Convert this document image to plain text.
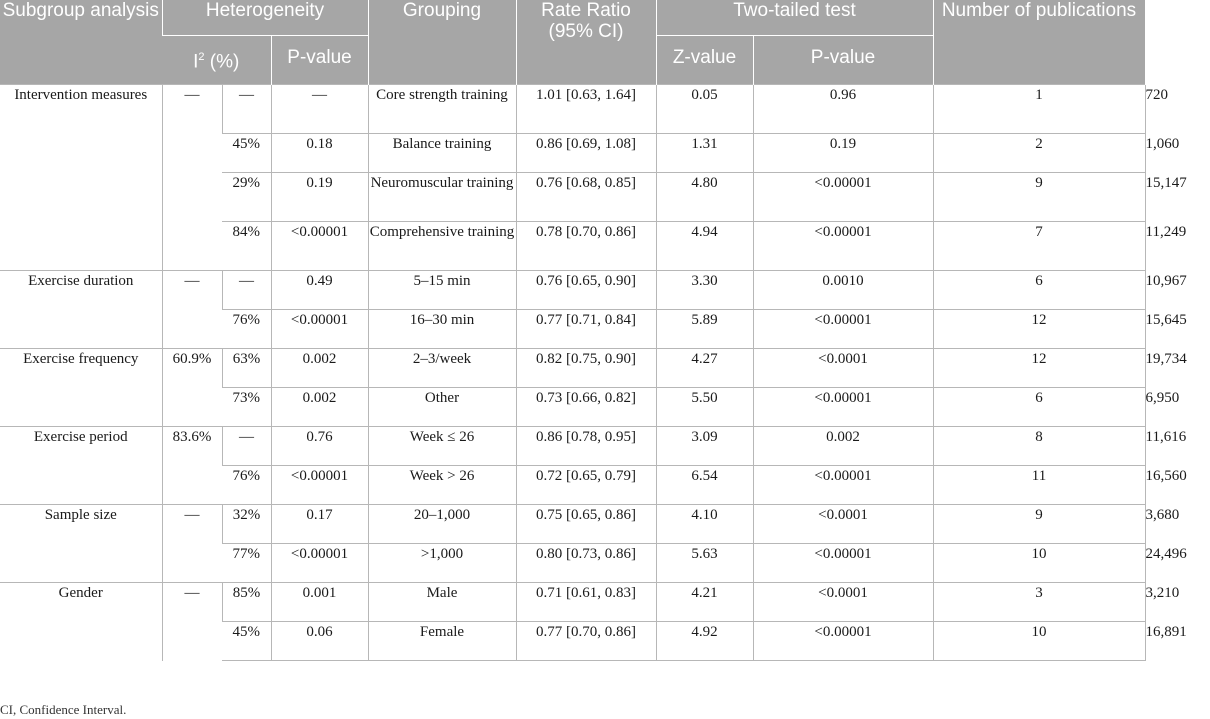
Subgroup analysis	Heterogeneity			Grouping	Rate Ratio (95% CI)	Two-tailed test		Number of publications	Sample size
	$I^2$ (%)		P-value			Z-value	P-value		
Intervention measures	—	—	—	Core strength training	1.01 [0.63, 1.64]	0.05	0.96	1	720
		45%	0.18	Balance training	0.86 [0.69, 1.08]	1.31	0.19	2	1,060
		29%	0.19	Neuromuscular training	0.76 [0.68, 0.85]	4.80	<0.00001	9	15,147
		84%	<0.00001	Comprehensive training	0.78 [0.70, 0.86]	4.94	<0.00001	7	11,249
Exercise duration	—	—	0.49	5–15 min	0.76 [0.65, 0.90]	3.30	0.0010	6	10,967
		76%	<0.00001	16–30 min	0.77 [0.71, 0.84]	5.89	<0.00001	12	15,645
Exercise frequency	60.9%	63%	0.002	2–3/week	0.82 [0.75, 0.90]	4.27	<0.0001	12	19,734
		73%	0.002	Other	0.73 [0.66, 0.82]	5.50	<0.00001	6	6,950
Exercise period	83.6%	—	0.76	Week ≤ 26	0.86 [0.78, 0.95]	3.09	0.002	8	11,616
		76%	<0.00001	Week > 26	0.72 [0.65, 0.79]	6.54	<0.00001	11	16,560
Sample size	—	32%	0.17	20–1,000	0.75 [0.65, 0.86]	4.10	<0.0001	9	3,680
		77%	<0.00001	>1,000	0.80 [0.73, 0.86]	5.63	<0.00001	10	24,496
Gender	—	85%	0.001	Male	0.71 [0.61, 0.83]	4.21	<0.0001	3	3,210
		45%	0.06	Female	0.77 [0.70, 0.86]	4.92	<0.00001	10	16,891
CI, Confidence Interval.
